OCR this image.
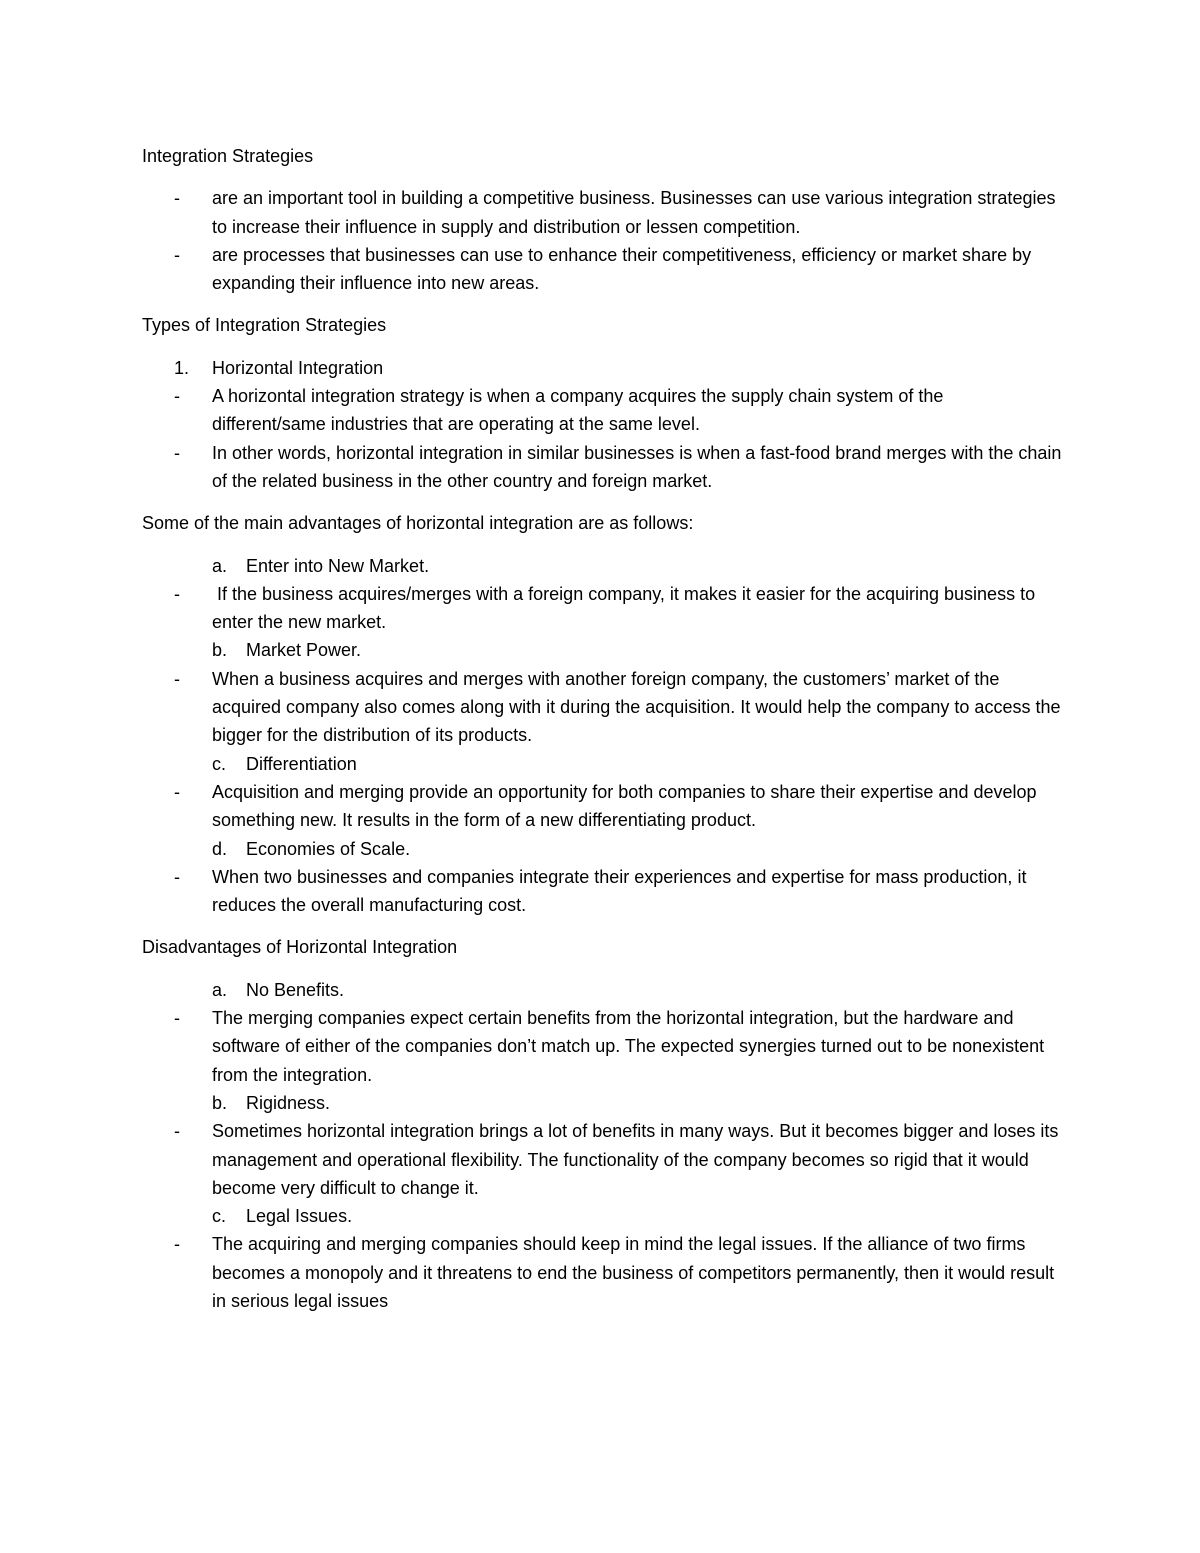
Integration Strategies

- are an important tool in building a competitive business. Businesses can use various integration strategies to increase their influence in supply and distribution or lessen competition.
- are processes that businesses can use to enhance their competitiveness, efficiency or market share by expanding their influence into new areas.

Types of Integration Strategies

1. Horizontal Integration
- A horizontal integration strategy is when a company acquires the supply chain system of the different/same industries that are operating at the same level.
- In other words, horizontal integration in similar businesses is when a fast-food brand merges with the chain of the related business in the other country and foreign market.

Some of the main advantages of horizontal integration are as follows:

a. Enter into New Market.
- If the business acquires/merges with a foreign company, it makes it easier for the acquiring business to enter the new market.
b. Market Power.
- When a business acquires and merges with another foreign company, the customers’ market of the acquired company also comes along with it during the acquisition. It would help the company to access the bigger for the distribution of its products.
c. Differentiation
- Acquisition and merging provide an opportunity for both companies to share their expertise and develop something new. It results in the form of a new differentiating product.
d. Economies of Scale.
- When two businesses and companies integrate their experiences and expertise for mass production, it reduces the overall manufacturing cost.

Disadvantages of Horizontal Integration

a. No Benefits.
- The merging companies expect certain benefits from the horizontal integration, but the hardware and software of either of the companies don’t match up. The expected synergies turned out to be nonexistent from the integration.
b. Rigidness.
- Sometimes horizontal integration brings a lot of benefits in many ways. But it becomes bigger and loses its management and operational flexibility. The functionality of the company becomes so rigid that it would become very difficult to change it.
c. Legal Issues.
- The acquiring and merging companies should keep in mind the legal issues. If the alliance of two firms becomes a monopoly and it threatens to end the business of competitors permanently, then it would result in serious legal issues
